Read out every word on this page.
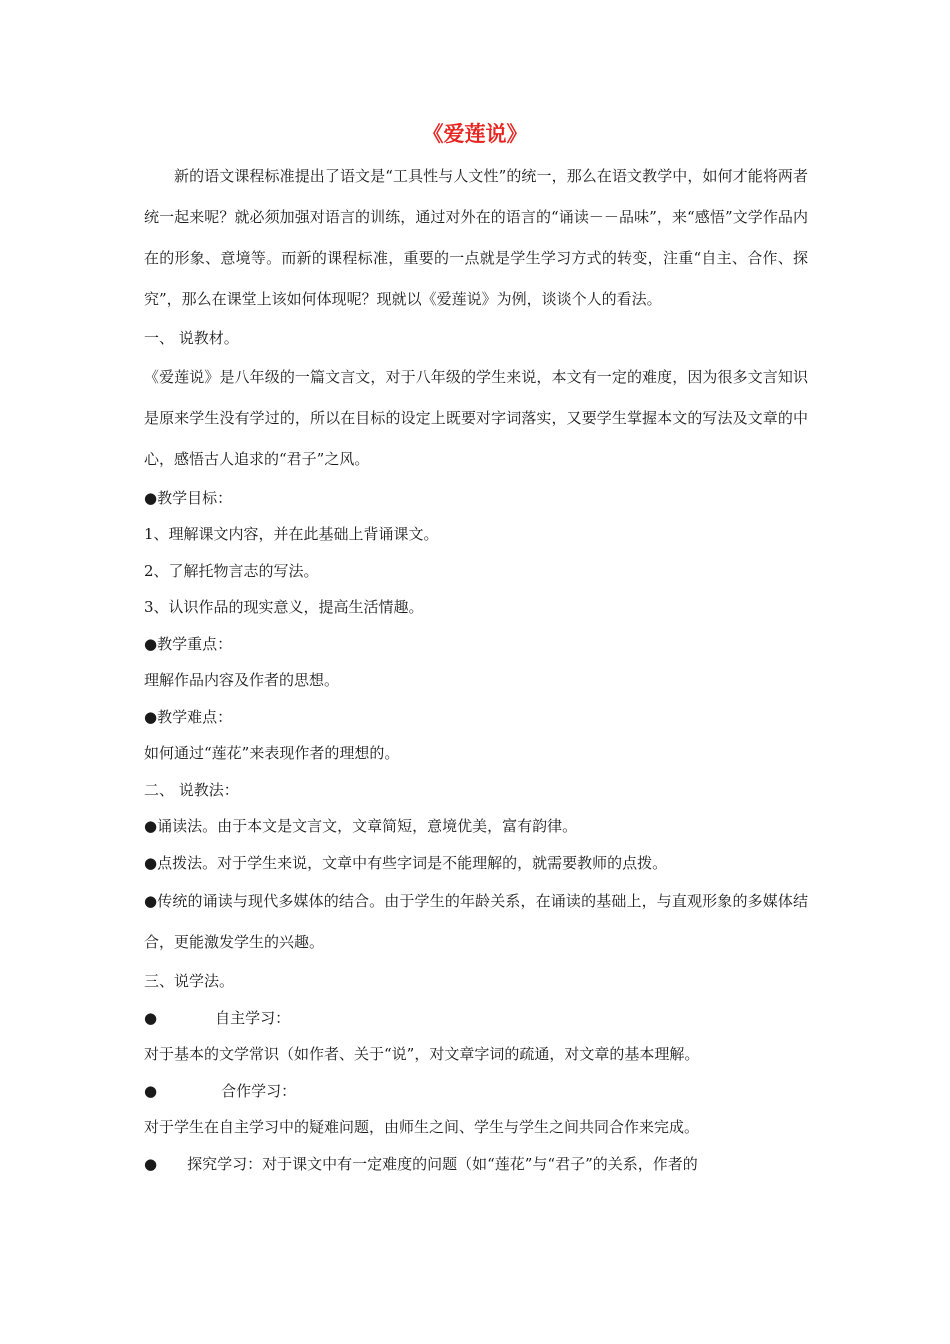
《爱莲说》

新的语文课程标准提出了语文是“工具性与人文性”的统一，那么在语文教学中，如何才能将两者统一起来呢？就必须加强对语言的训练，通过对外在的语言的“诵读－－品味”，来“感悟”文学作品内在的形象、意境等。而新的课程标准，重要的一点就是学生学习方式的转变，注重“自主、合作、探究”，那么在课堂上该如何体现呢？现就以《爱莲说》为例，谈谈个人的看法。

一、 说教材。

《爱莲说》是八年级的一篇文言文，对于八年级的学生来说，本文有一定的难度，因为很多文言知识是原来学生没有学过的，所以在目标的设定上既要对字词落实，又要学生掌握本文的写法及文章的中心，感悟古人追求的“君子”之风。

●教学目标：

1、理解课文内容，并在此基础上背诵课文。

2、了解托物言志的写法。

3、认识作品的现实意义，提高生活情趣。

●教学重点：

理解作品内容及作者的思想。

●教学难点：

如何通过“莲花”来表现作者的理想的。

二、 说教法：

●诵读法。由于本文是文言文，文章简短，意境优美，富有韵律。

●点拨法。对于学生来说，文章中有些字词是不能理解的，就需要教师的点拨。

●传统的诵读与现代多媒体的结合。由于学生的年龄关系，在诵读的基础上，与直观形象的多媒体结合，更能激发学生的兴趣。

三、说学法。

●	自主学习：

对于基本的文学常识（如作者、关于“说”，对文章字词的疏通，对文章的基本理解。

●	合作学习：

对于学生在自主学习中的疑难问题，由师生之间、学生与学生之间共同合作来完成。

● 探究学习：对于课文中有一定难度的问题（如“莲花”与“君子”的关系，作者的
